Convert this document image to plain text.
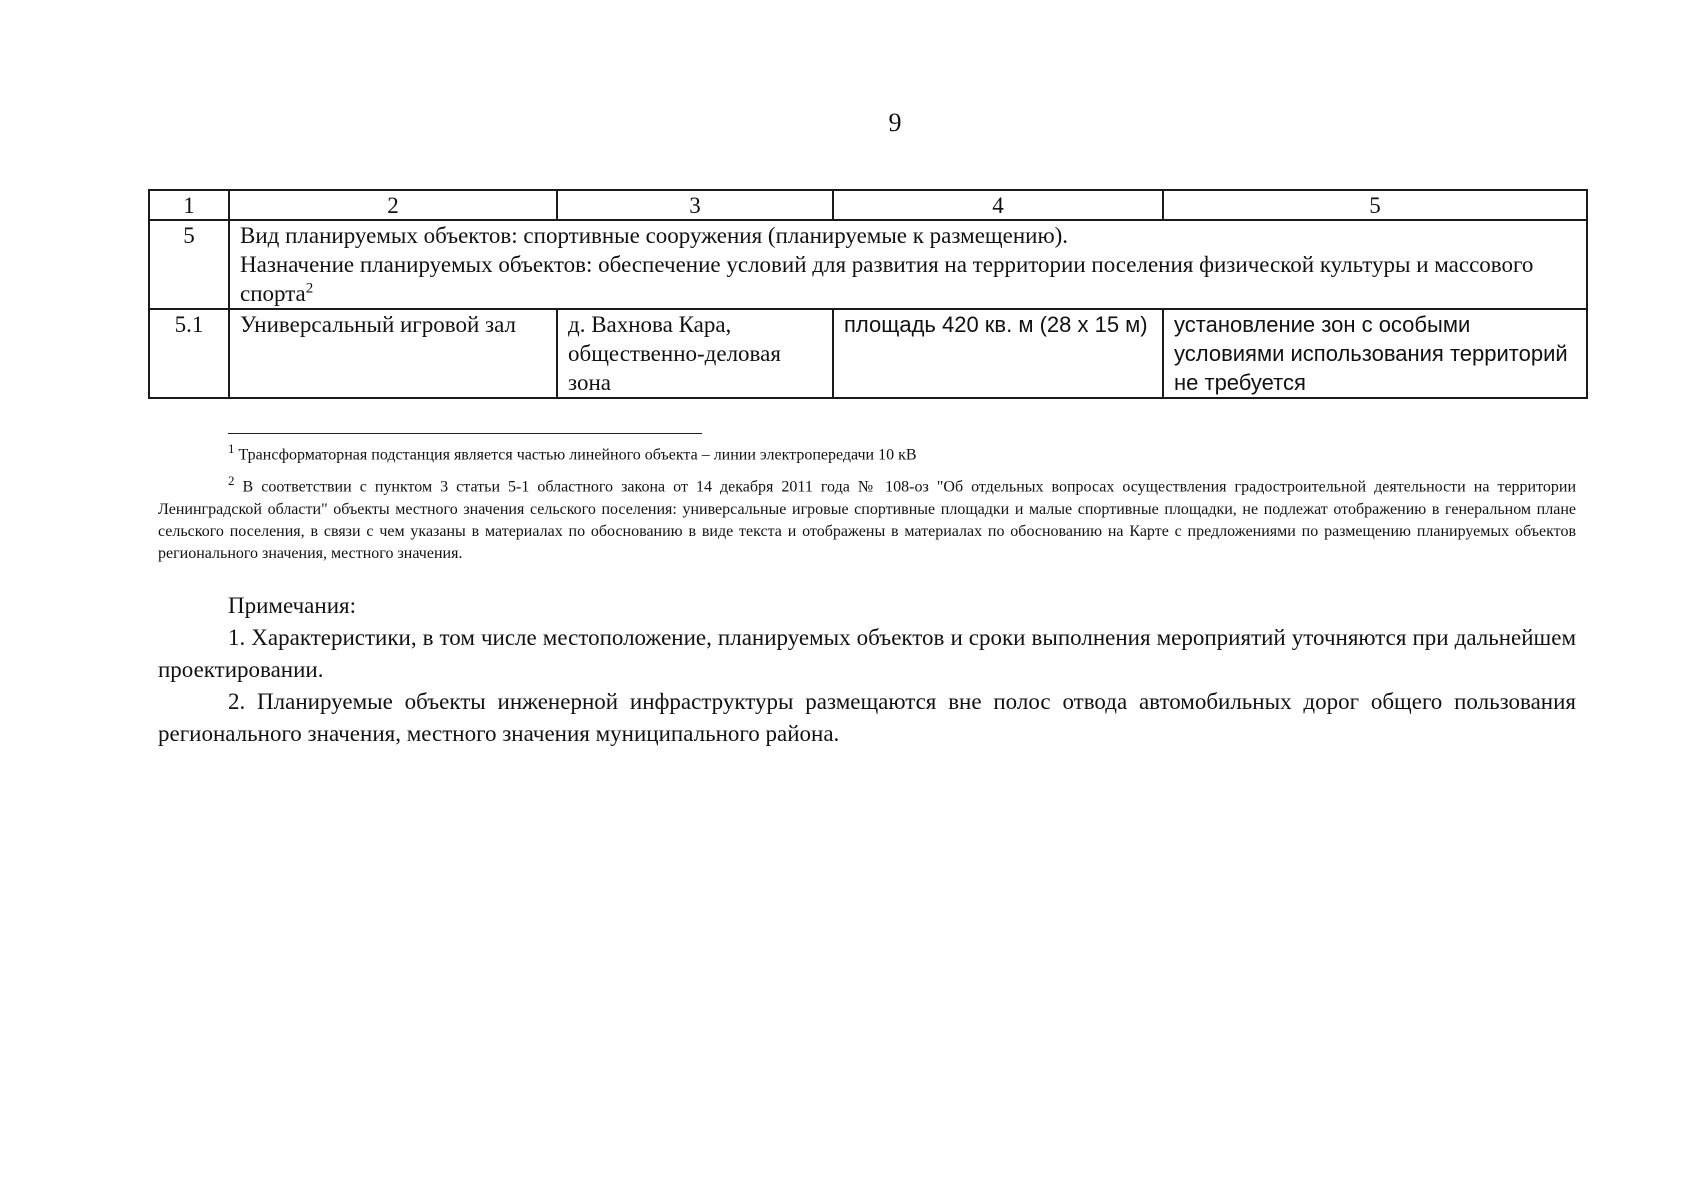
9
1	2	3	4	5
5	Вид планируемых объектов: спортивные сооружения (планируемые к размещению).
Назначение планируемых объектов: обеспечение условий для развития на территории поселения физической культуры и массового спорта$^2$

5.1	Универсальный игровой зал	д. Вахнова Кара, общественно-деловая зона	площадь 420 кв. м (28 х 15 м)	установление зон с особыми условиями использования территорий не требуется

$^1$ Трансформаторная подстанция является частью линейного объекта – линии электропередачи 10 кВ

$^2$ В соответствии с пунктом 3 статьи 5-1 областного закона от 14 декабря 2011 года № 108-оз "Об отдельных вопросах осуществления градостроительной деятельности на территории Ленинградской области" объекты местного значения сельского поселения: универсальные игровые спортивные площадки и малые спортивные площадки, не подлежат отображению в генеральном плане сельского поселения, в связи с чем указаны в материалах по обоснованию в виде текста и отображены в материалах по обоснованию на Карте с предложениями по размещению планируемых объектов регионального значения, местного значения.

Примечания:

1. Характеристики, в том числе местоположение, планируемых объектов и сроки выполнения мероприятий уточняются при дальнейшем проектировании.

2. Планируемые объекты инженерной инфраструктуры размещаются вне полос отвода автомобильных дорог общего пользования регионального значения, местного значения муниципального района.
